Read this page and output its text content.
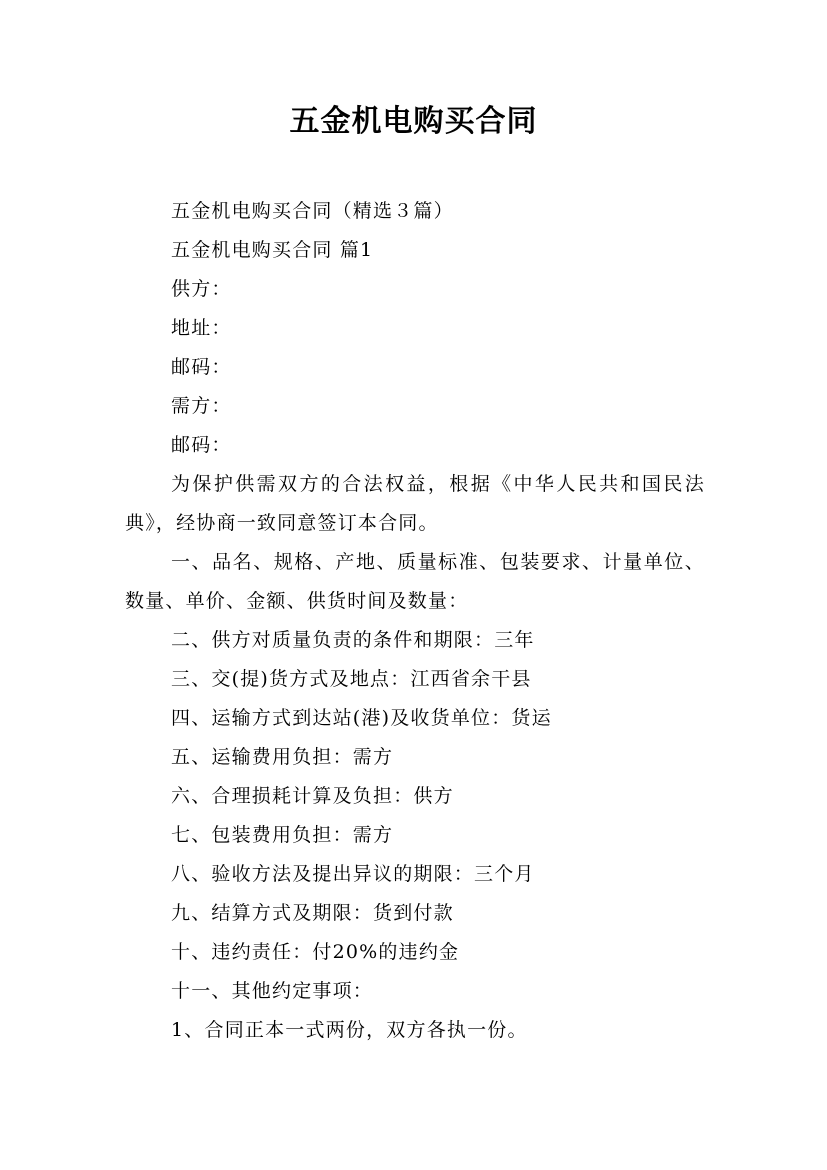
五金机电购买合同

五金机电购买合同（精选３篇）

五金机电购买合同 篇1

供方：

地址：

邮码：

需方：

邮码：

为保护供需双方的合法权益，根据《中华人民共和国民法典》，经协商一致同意签订本合同。

一、品名、规格、产地、质量标准、包装要求、计量单位、数量、单价、金额、供货时间及数量：

二、供方对质量负责的条件和期限：三年

三、交(提)货方式及地点：江西省余干县

四、运输方式到达站(港)及收货单位：货运

五、运输费用负担：需方

六、合理损耗计算及负担：供方

七、包装费用负担：需方

八、验收方法及提出异议的期限：三个月

九、结算方式及期限：货到付款

十、违约责任：付20%的违约金

十一、其他约定事项：

1、合同正本一式两份，双方各执一份。
